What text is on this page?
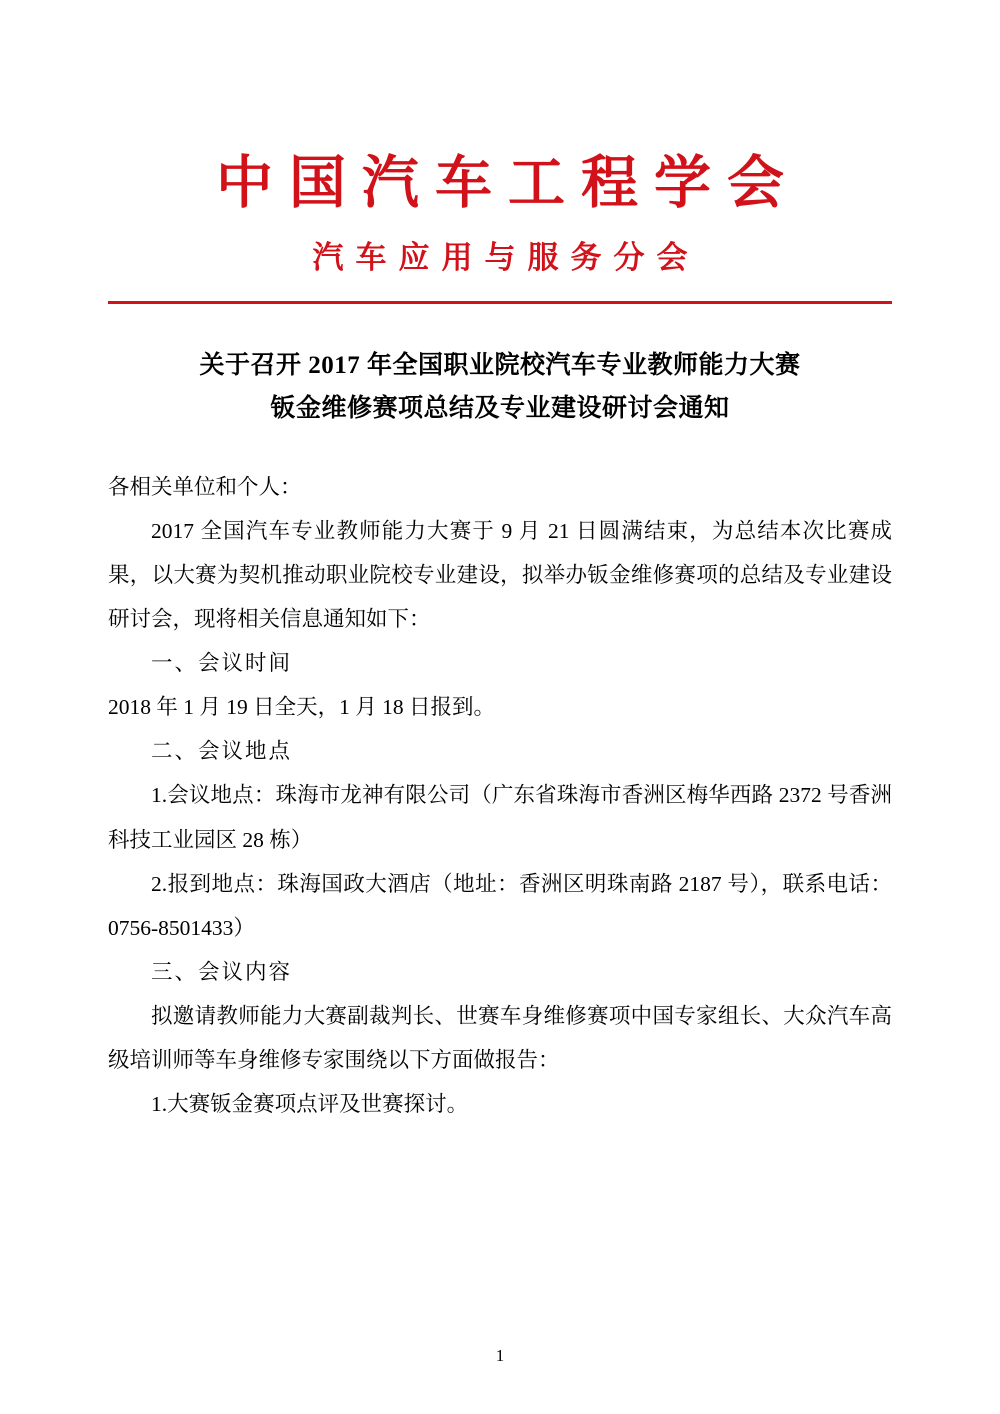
中国汽车工程学会
汽车应用与服务分会
关于召开 2017 年全国职业院校汽车专业教师能力大赛
钣金维修赛项总结及专业建设研讨会通知

各相关单位和个人：

2017 全国汽车专业教师能力大赛于 9 月 21 日圆满结束，为总结本次比赛成果，以大赛为契机推动职业院校专业建设，拟举办钣金维修赛项的总结及专业建设研讨会，现将相关信息通知如下：

一、会议时间

2018 年 1 月 19 日全天，1 月 18 日报到。

二、会议地点

1.会议地点：珠海市龙神有限公司（广东省珠海市香洲区梅华西路 2372 号香洲科技工业园区 28 栋）

2.报到地点：珠海国政大酒店（地址：香洲区明珠南路 2187 号），联系电话：0756-8501433）

三、会议内容

拟邀请教师能力大赛副裁判长、世赛车身维修赛项中国专家组长、大众汽车高级培训师等车身维修专家围绕以下方面做报告：

1.大赛钣金赛项点评及世赛探讨。

1
